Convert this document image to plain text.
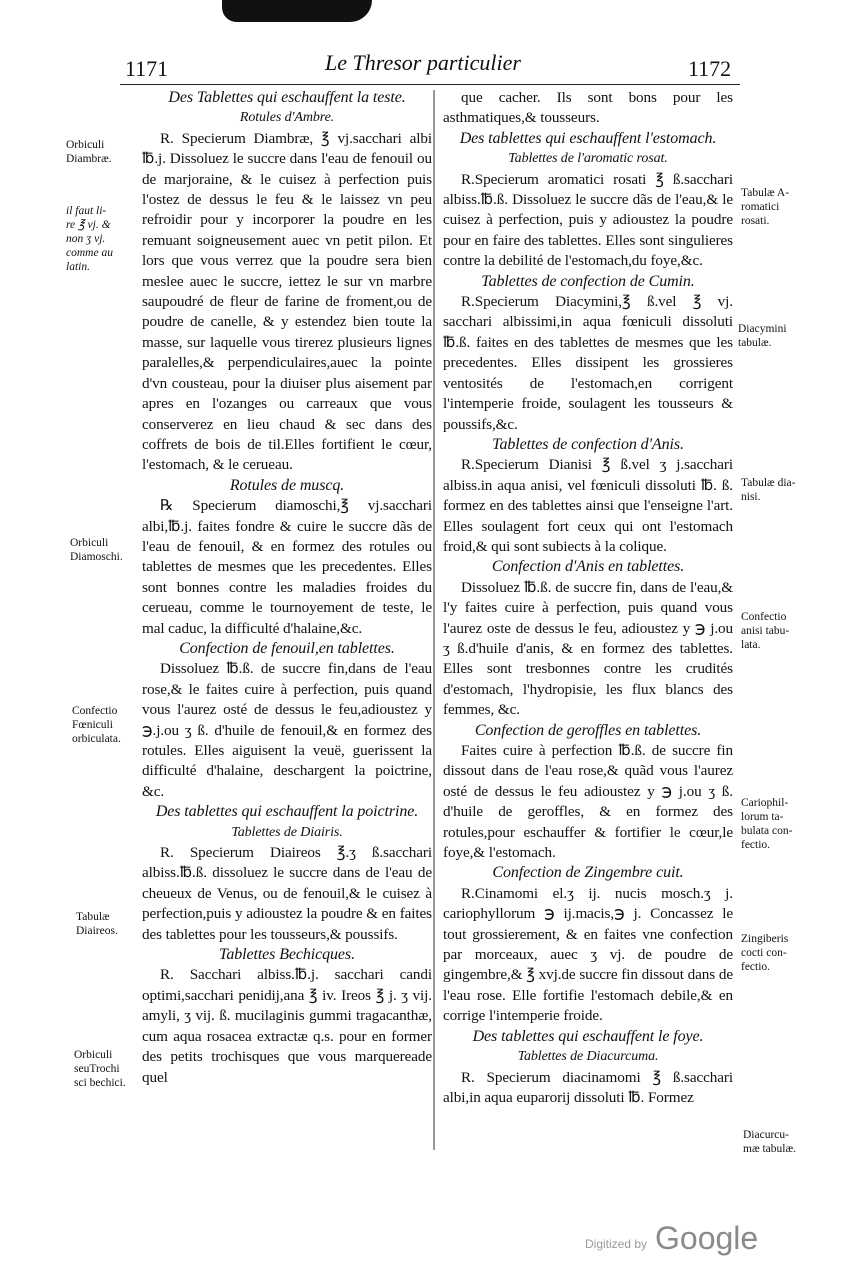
1171	Le Thresor particulier	1172

Des Tablettes qui eschauffent la teste.

Rotules d'Ambre.

R. Specierum Diambræ, ℥ vj.sacchari albi ℔.j. Dissoluez le succre dans l'eau de fenouil ou de marjoraine, & le cuisez à perfection puis l'ostez de dessus le feu & le laissez vn peu refroidir pour y incorporer la poudre en les remuant soigneusement auec vn petit pilon. Et lors que vous verrez que la poudre sera bien meslee auec le succre, iettez le sur vn marbre saupoudré de fleur de farine de froment,ou de poudre de canelle, & y estendez bien toute la masse, sur laquelle vous tirerez plusieurs lignes paralelles,& perpendiculaires,auec la pointe d'vn cousteau, pour la diuiser plus aisement par apres en l'ozanges ou carreaux que vous conserverez en lieu chaud & sec dans des coffrets de bois de til.Elles fortifient le cœur, l'estomach, & le cerueau.

Rotules de muscq.

℞ Specierum diamoschi,℥ vj.sacchari albi,℔.j. faites fondre & cuire le succre dãs de l'eau de fenouil, & en formez des rotules ou tablettes de mesmes que les precedentes. Elles sont bonnes contre les maladies froides du cerueau, comme le tournoyement de teste, le mal caduc, la difficulté d'halaine,&c.

Confection de fenouil,en tablettes.

Dissoluez ℔.ß. de succre fin,dans de l'eau rose,& le faites cuire à perfection, puis quand vous l'aurez osté de dessus le feu,adioustez y ℈.j.ou ʒ ß. d'huile de fenouil,& en formez des rotules. Elles aiguisent la veuë, guerissent la difficulté d'halaine, deschargent la poictrine, &c.

Des tablettes qui eschauffent la poictrine.

Tablettes de Diairis.

R. Specierum Diaireos ℥.ʒ ß.sacchari albiss.℔.ß. dissoluez le succre dans de l'eau de cheueux de Venus, ou de fenouil,& le cuisez à perfection,puis y adioustez la poudre & en faites des tablettes pour les tousseurs,& poussifs.

Tablettes Bechicques.

R. Sacchari albiss.℔.j. sacchari candi optimi,sacchari penidij,ana ℥ iv. Ireos ℥ j. ʒ vij. amyli, ʒ vij. ß. mucilaginis gummi tragacanthæ, cum aqua rosacea extractæ q.s. pour en former des petits trochisques que vous marquereade quel

que cacher. Ils sont bons pour les asthmatiques,& tousseurs.

Des tablettes qui eschauffent l'estomach.

Tablettes de l'aromatic rosat.

R.Specierum aromatici rosati ℥ ß.sacchari albiss.℔.ß. Dissoluez le succre dãs de l'eau,& le cuisez à perfection, puis y adioustez la poudre pour en faire des tablettes. Elles sont singulieres contre la debilité de l'estomach,du foye,&c.

Tablettes de confection de Cumin.

R.Specierum Diacymini,℥ ß.vel ℥ vj. sacchari albissimi,in aqua fœniculi dissoluti ℔.ß. faites en des tablettes de mesmes que les precedentes. Elles dissipent les grossieres ventosités de l'estomach,en corrigent l'intemperie froide, soulagent les tousseurs & poussifs,&c.

Tablettes de confection d'Anis.

R.Specierum Dianisi ℥ ß.vel ʒ j.sacchari albiss.in aqua anisi, vel fœniculi dissoluti ℔. ß. formez en des tablettes ainsi que l'enseigne l'art. Elles soulagent fort ceux qui ont l'estomach froid,& qui sont subiects à la colique.

Confection d'Anis en tablettes.

Dissoluez ℔.ß. de succre fin, dans de l'eau,& l'y faites cuire à perfection, puis quand vous l'aurez oste de dessus le feu, adioustez y ℈ j.ou ʒ ß.d'huile d'anis, & en formez des tablettes. Elles sont tresbonnes contre les crudités d'estomach, l'hydropisie, les flux blancs des femmes, &c.

Confection de geroffles en tablettes.

Faites cuire à perfection ℔.ß. de succre fin dissout dans de l'eau rose,& quãd vous l'aurez osté de dessus le feu adioustez y ℈ j.ou ʒ ß. d'huile de geroffles, & en formez des rotules,pour eschauffer & fortifier le cœur,le foye,& l'estomach.

Confection de Zingembre cuit.

R.Cinamomi el.ʒ ij. nucis mosch.ʒ j. cariophyllorum ℈ ij.macis,℈ j. Concassez le tout grossierement, & en faites vne confection par morceaux, auec ʒ vj. de poudre de gingembre,& ℥ xvj.de succre fin dissout dans de l'eau rose. Elle fortifie l'estomach debile,& en corrige l'intemperie froide.

Des tablettes qui eschauffent le foye.

Tablettes de Diacurcuma.

R. Specierum diacinamomi ℥ ß.sacchari albi,in aqua euparorij dissoluti ℔. Formez

Orbiculi
Diambræ.
il faut li-
re ℥ vj. &
non ʒ vj.
comme au
latin.
Orbiculi
Diamoschi.
Confectio
Fœniculi
orbiculata.
Tabulæ
Diaireos.
Orbiculi
seuTrochi
sci bechici.
Tabulæ A-
romatici
rosati.
Diacymini
tabulæ.
Tabulæ dia-
nisi.
Confectio
anisi tabu-
lata.
Cariophil-
lorum ta-
bulata con-
fectio.
Zingiberis
cocti con-
fectio.
Diacurcu-
mæ tabulæ.
Digitized by Google
